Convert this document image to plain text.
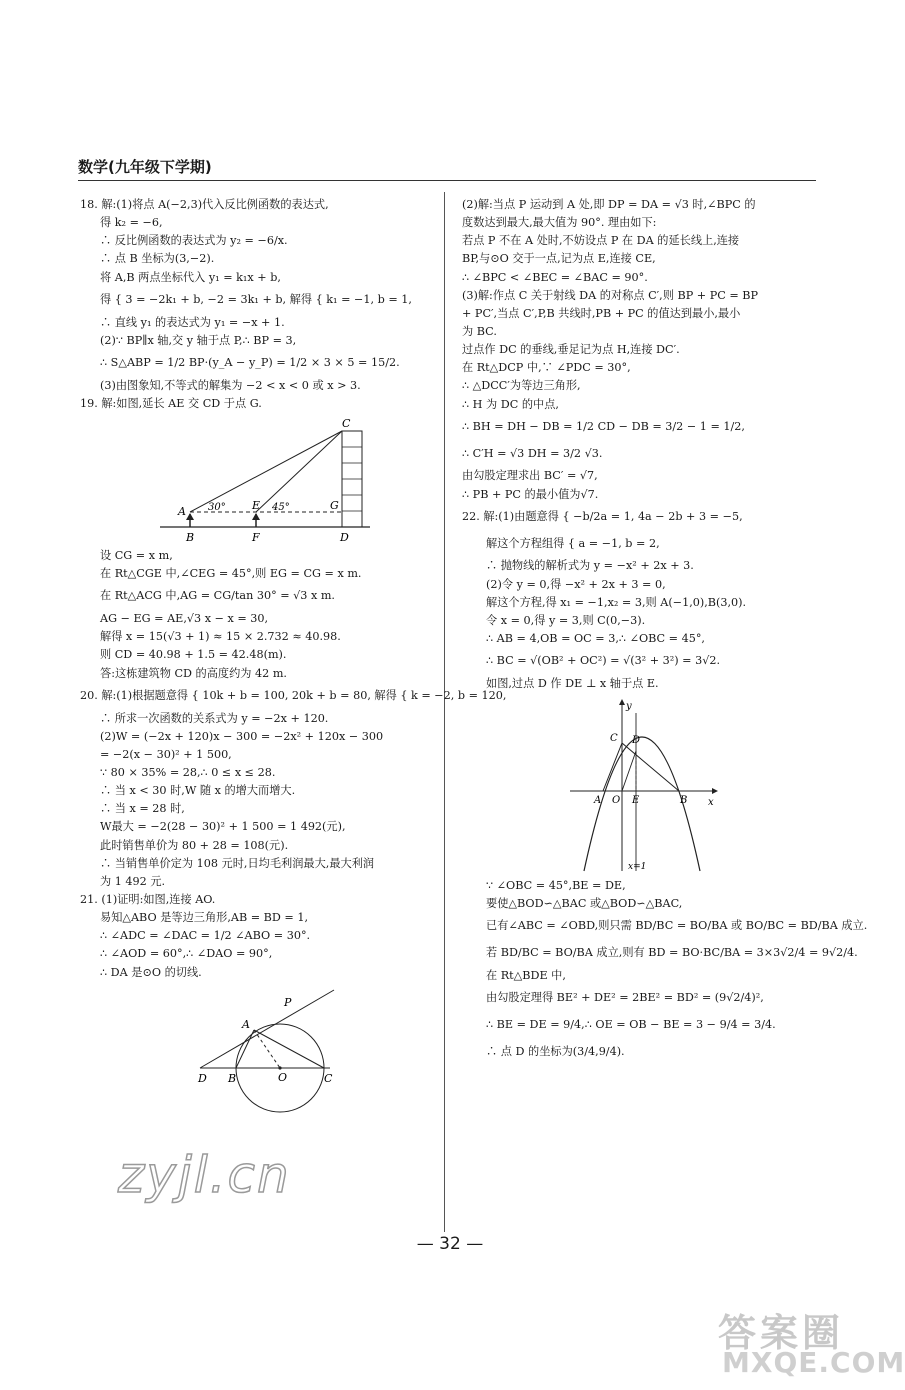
数学(九年级下学期)
18. 解:(1)将点 A(−2,3)代入反比例函数的表达式,
得 k₂ = −6,
∴ 反比例函数的表达式为 y₂ = −6/x.
∴ 点 B 坐标为(3,−2).
将 A,B 两点坐标代入 y₁ = k₁x + b,
得 { 3 = −2k₁ + b, −2 = 3k₁ + b, 解得 { k₁ = −1, b = 1,
∴ 直线 y₁ 的表达式为 y₁ = −x + 1.
(2)∵ BP∥x 轴,交 y 轴于点 P,∴ BP = 3,
∴ S△ABP = 1/2 BP·(y_A − y_P) = 1/2 × 3 × 5 = 15/2.
(3)由图象知,不等式的解集为 −2 < x < 0 或 x > 3.
19. 解:如图,延长 AE 交 CD 于点 G.
A
B
E
F
G
C
D
30°	45°
设 CG = x m,
在 Rt△CGE 中,∠CEG = 45°,则 EG = CG = x m.
在 Rt△ACG 中,AG = CG/tan 30° = √3 x m.
AG − EG = AE,√3 x − x = 30,
解得 x = 15(√3 + 1) ≈ 15 × 2.732 ≈ 40.98.
则 CD = 40.98 + 1.5 = 42.48(m).
答:这栋建筑物 CD 的高度约为 42 m.
20. 解:(1)根据题意得 { 10k + b = 100, 20k + b = 80, 解得 { k = −2, b = 120,
∴ 所求一次函数的关系式为 y = −2x + 120.
(2)W = (−2x + 120)x − 300 = −2x² + 120x − 300
= −2(x − 30)² + 1 500,
∵ 80 × 35% = 28,∴ 0 ≤ x ≤ 28.
∴ 当 x < 30 时,W 随 x 的增大而增大.
∴ 当 x = 28 时,
W最大 = −2(28 − 30)² + 1 500 = 1 492(元),
此时销售单价为 80 + 28 = 108(元).
∴ 当销售单价定为 108 元时,日均毛利润最大,最大利润
为 1 492 元.
21. (1)证明:如图,连接 AO.
易知△ABO 是等边三角形,AB = BD = 1,
∴ ∠ADC = ∠DAC = 1/2 ∠ABO = 30°.
∴ ∠AOD = 60°,∴ ∠DAO = 90°,
∴ DA 是⊙O 的切线.
P
A
D B	O	C
(2)解:当点 P 运动到 A 处,即 DP = DA = √3 时,∠BPC 的
度数达到最大,最大值为 90°. 理由如下:
若点 P 不在 A 处时,不妨设点 P 在 DA 的延长线上,连接
BP,与⊙O 交于一点,记为点 E,连接 CE,
∴ ∠BPC < ∠BEC = ∠BAC = 90°.
(3)解:作点 C 关于射线 DA 的对称点 C′,则 BP + PC = BP
+ PC′,当点 C′,P,B 共线时,PB + PC 的值达到最小,最小
为 BC.
过点作 DC 的垂线,垂足记为点 H,连接 DC′.
在 Rt△DCP 中,∵ ∠PDC = 30°,
∴ △DCC′为等边三角形,
∴ H 为 DC 的中点,
∴ BH = DH − DB = 1/2 CD − DB = 3/2 − 1 = 1/2,
∴ C′H = √3 DH = 3/2 √3.
由勾股定理求出 BC′ = √7,
∴ PB + PC 的最小值为√7.
22. 解:(1)由题意得 { −b/2a = 1, 4a − 2b + 3 = −5,
解这个方程组得 { a = −1, b = 2,
∴ 抛物线的解析式为 y = −x² + 2x + 3.
(2)令 y = 0,得 −x² + 2x + 3 = 0,
解这个方程,得 x₁ = −1,x₂ = 3,则 A(−1,0),B(3,0).
令 x = 0,得 y = 3,则 C(0,−3).
∴ AB = 4,OB = OC = 3,∴ ∠OBC = 45°,
∴ BC = √(OB² + OC²) = √(3² + 3²) = 3√2.
如图,过点 D 作 DE ⊥ x 轴于点 E.
y
C D
A O E	B x
x=1
∵ ∠OBC = 45°,BE = DE,
要使△BOD∽△BAC 或△BOD∽△BAC,
已有∠ABC = ∠OBD,则只需 BD/BC = BO/BA 或 BO/BC = BD/BA 成立.
若 BD/BC = BO/BA 成立,则有 BD = BO·BC/BA = 3×3√2/4 = 9√2/4.
在 Rt△BDE 中,
由勾股定理得 BE² + DE² = 2BE² = BD² = (9√2/4)²,
∴ BE = DE = 9/4,∴ OE = OB − BE = 3 − 9/4 = 3/4.
∴ 点 D 的坐标为(3/4,9/4).
zyjl.cn
— 32 —
答案圈
MXQE.COM
